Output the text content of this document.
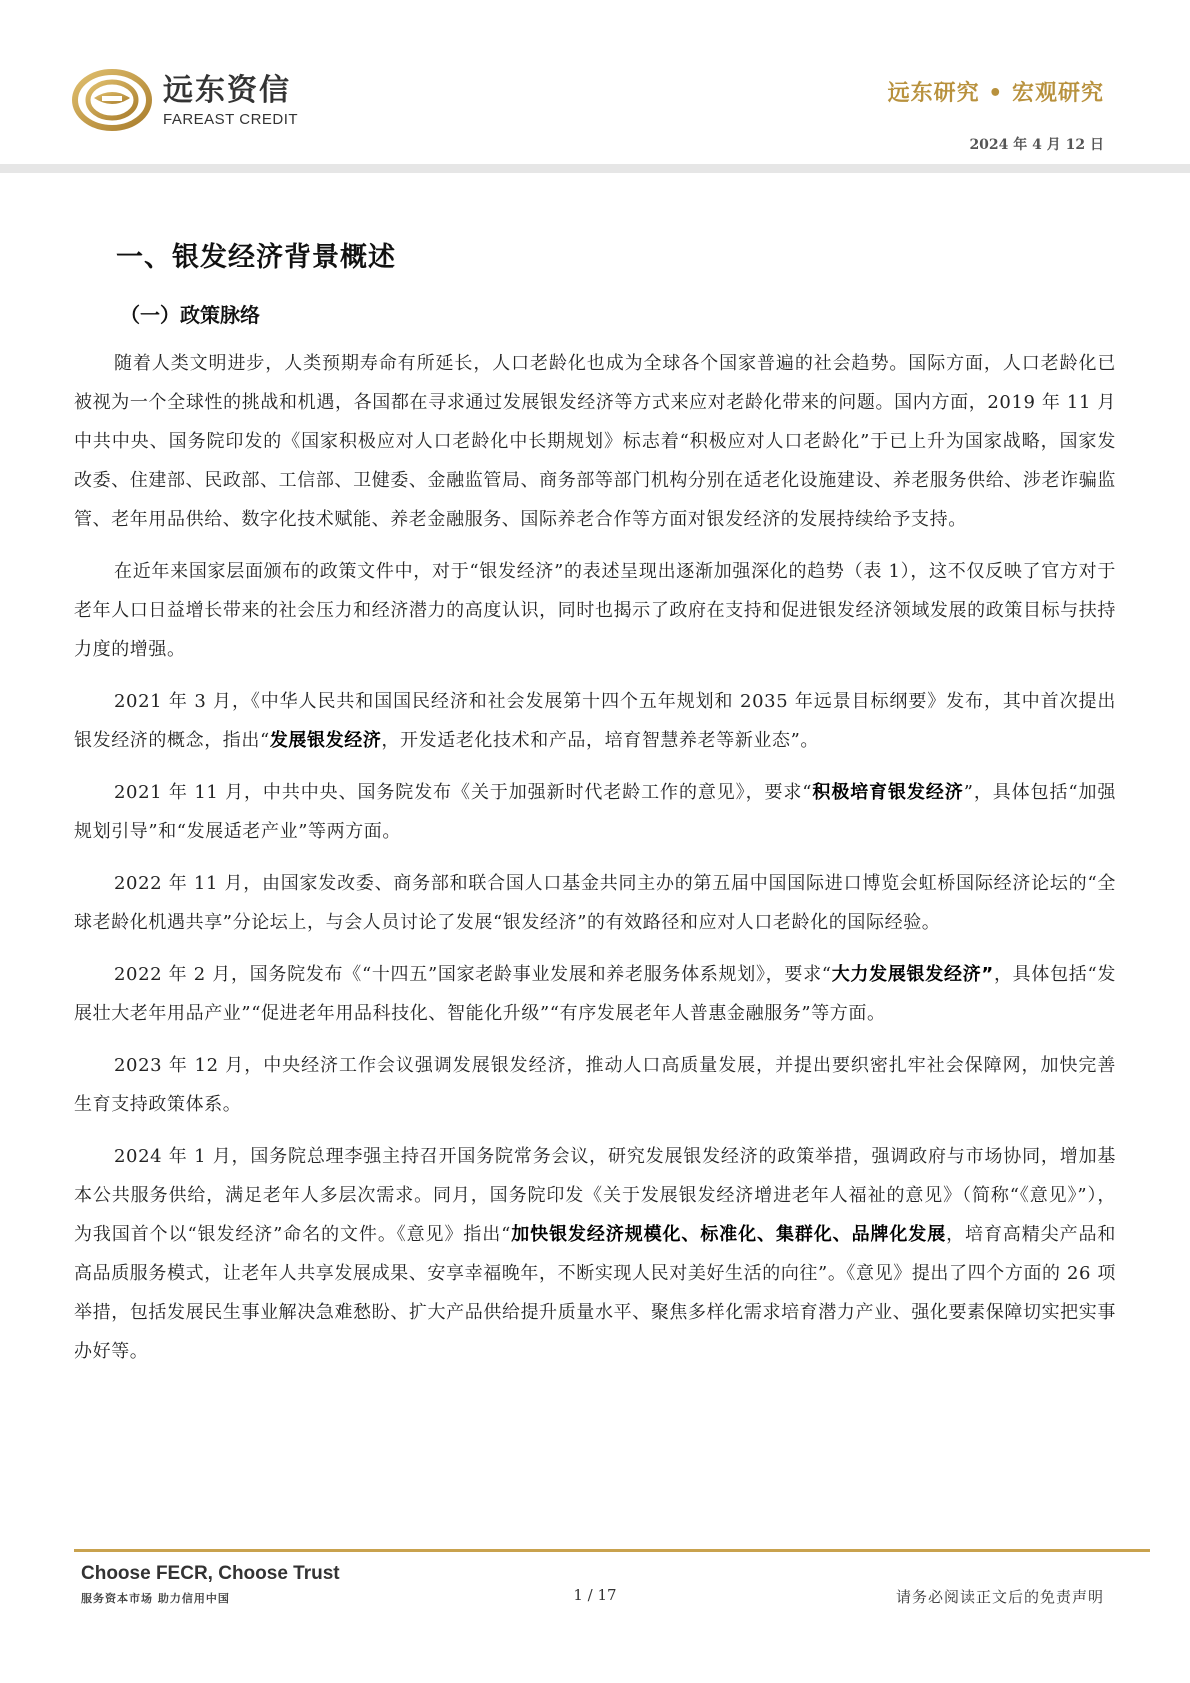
远东资信
FAREAST CREDIT
远东研究 • 宏观研究
2024 年 4 月 12 日
一、银发经济背景概述
（一）政策脉络

随着人类文明进步，人类预期寿命有所延长，人口老龄化也成为全球各个国家普遍的社会趋势。国际方面，人口老龄化已被视为一个全球性的挑战和机遇，各国都在寻求通过发展银发经济等方式来应对老龄化带来的问题。国内方面，2019 年 11 月中共中央、国务院印发的《国家积极应对人口老龄化中长期规划》标志着“积极应对人口老龄化”于已上升为国家战略，国家发改委、住建部、民政部、工信部、卫健委、金融监管局、商务部等部门机构分别在适老化设施建设、养老服务供给、涉老诈骗监管、老年用品供给、数字化技术赋能、养老金融服务、国际养老合作等方面对银发经济的发展持续给予支持。

在近年来国家层面颁布的政策文件中，对于“银发经济”的表述呈现出逐渐加强深化的趋势（表 1），这不仅反映了官方对于老年人口日益增长带来的社会压力和经济潜力的高度认识，同时也揭示了政府在支持和促进银发经济领域发展的政策目标与扶持力度的增强。

2021 年 3 月，《中华人民共和国国民经济和社会发展第十四个五年规划和 2035 年远景目标纲要》发布，其中首次提出银发经济的概念，指出“发展银发经济，开发适老化技术和产品，培育智慧养老等新业态”。

2021 年 11 月，中共中央、国务院发布《关于加强新时代老龄工作的意见》，要求“积极培育银发经济”，具体包括“加强规划引导”和“发展适老产业”等两方面。

2022 年 11 月，由国家发改委、商务部和联合国人口基金共同主办的第五届中国国际进口博览会虹桥国际经济论坛的“全球老龄化机遇共享”分论坛上，与会人员讨论了发展“银发经济”的有效路径和应对人口老龄化的国际经验。

2022 年 2 月，国务院发布《“十四五”国家老龄事业发展和养老服务体系规划》，要求“大力发展银发经济”，具体包括“发展壮大老年用品产业”“促进老年用品科技化、智能化升级”“有序发展老年人普惠金融服务”等方面。

2023 年 12 月，中央经济工作会议强调发展银发经济，推动人口高质量发展，并提出要织密扎牢社会保障网，加快完善生育支持政策体系。

2024 年 1 月，国务院总理李强主持召开国务院常务会议，研究发展银发经济的政策举措，强调政府与市场协同，增加基本公共服务供给，满足老年人多层次需求。同月，国务院印发《关于发展银发经济增进老年人福祉的意见》（简称“《意见》”），为我国首个以“银发经济”命名的文件。《意见》指出“加快银发经济规模化、标准化、集群化、品牌化发展，培育高精尖产品和高品质服务模式，让老年人共享发展成果、安享幸福晚年，不断实现人民对美好生活的向往”。《意见》提出了四个方面的 26 项举措，包括发展民生事业解决急难愁盼、扩大产品供给提升质量水平、聚焦多样化需求培育潜力产业、强化要素保障切实把实事办好等。

Choose FECR, Choose Trust
服务资本市场 助力信用中国	1 / 17	请务必阅读正文后的免责声明
